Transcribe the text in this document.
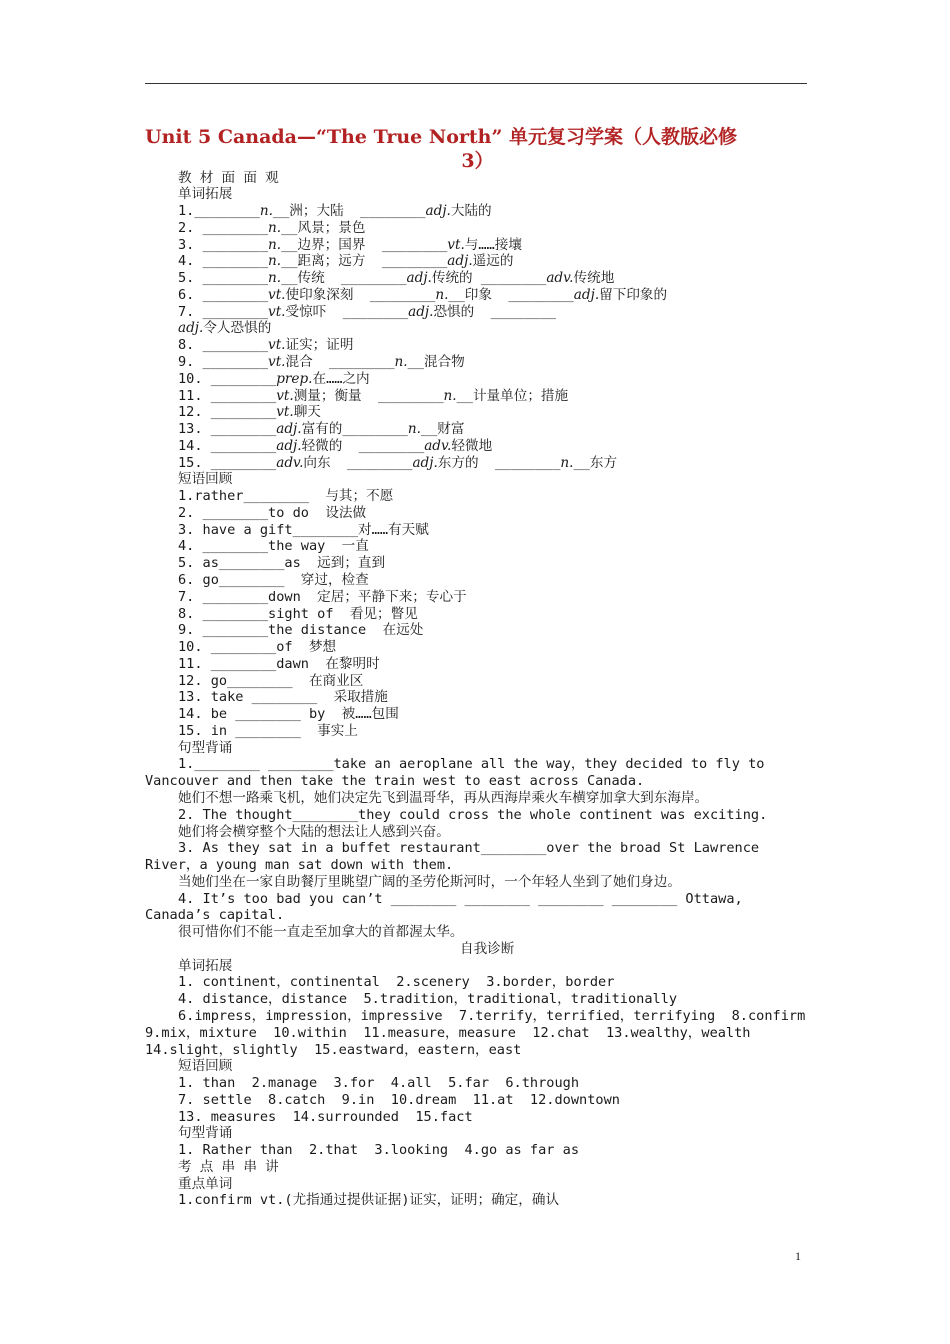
Unit 5 Canada—“The True North” 单元复习学案（人教版必修
3）
教 材 面 面 观
单词拓展
1.________n.__洲；大陆  ________adj.大陆的
2. ________n.__风景；景色
3. ________n.__边界；国界  ________vt.与……接壤
4. ________n.__距离；远方  ________adj.遥远的
5. ________n.__传统  ________adj.传统的 ________adv.传统地
6. ________vt.使印象深刻  ________n.__印象  ________adj.留下印象的
7. ________vt.受惊吓  ________adj.恐惧的  ________
adj.令人恐惧的
8. ________vt.证实；证明
9. ________vt.混合  ________n.__混合物
10. ________prep.在……之内
11. ________vt.测量；衡量  ________n.__计量单位；措施
12. ________vt.聊天
13. ________adj.富有的________n.__财富
14. ________adj.轻微的  ________adv.轻微地
15. ________adv.向东  ________adj.东方的  ________n.__东方
短语回顾
1.rather________  与其；不愿
2. ________to do  设法做
3. have a gift________对……有天赋
4. ________the way  一直
5. as________as  远到；直到
6. go________  穿过，检查
7. ________down  定居；平静下来；专心于
8. ________sight of  看见；瞥见
9. ________the distance  在远处
10. ________of  梦想
11. ________dawn  在黎明时
12. go________  在商业区
13. take ________  采取措施
14. be ________ by  被……包围
15. in ________  事实上
句型背诵
1.________ ________take an aeroplane all the way，they decided to fly to
Vancouver and then take the train west to east across Canada.
她们不想一路乘飞机，她们决定先飞到温哥华，再从西海岸乘火车横穿加拿大到东海岸。
2. The thought________they could cross the whole continent was exciting.
她们将会横穿整个大陆的想法让人感到兴奋。
3. As they sat in a buffet restaurant________over the broad St Lawrence
River，a young man sat down with them.
当她们坐在一家自助餐厅里眺望广阔的圣劳伦斯河时，一个年轻人坐到了她们身边。
4. It’s too bad you can’t ________ ________ ________ ________ Ottawa,
Canada’s capital.
很可惜你们不能一直走至加拿大的首都渥太华。
自我诊断
单词拓展
1. continent，continental  2.scenery  3.border，border
4. distance，distance  5.tradition，traditional，traditionally
6.impress，impression，impressive  7.terrify，terrified，terrifying  8.confirm
9.mix，mixture  10.within  11.measure，measure  12.chat  13.wealthy，wealth
14.slight，slightly  15.eastward，eastern，east
短语回顾
1. than  2.manage  3.for  4.all  5.far  6.through
7. settle  8.catch  9.in  10.dream  11.at  12.downtown
13. measures  14.surrounded  15.fact
句型背诵
1. Rather than  2.that  3.looking  4.go as far as
考 点 串 串 讲
重点单词
1.confirm vt.(尤指通过提供证据)证实，证明；确定，确认
1
